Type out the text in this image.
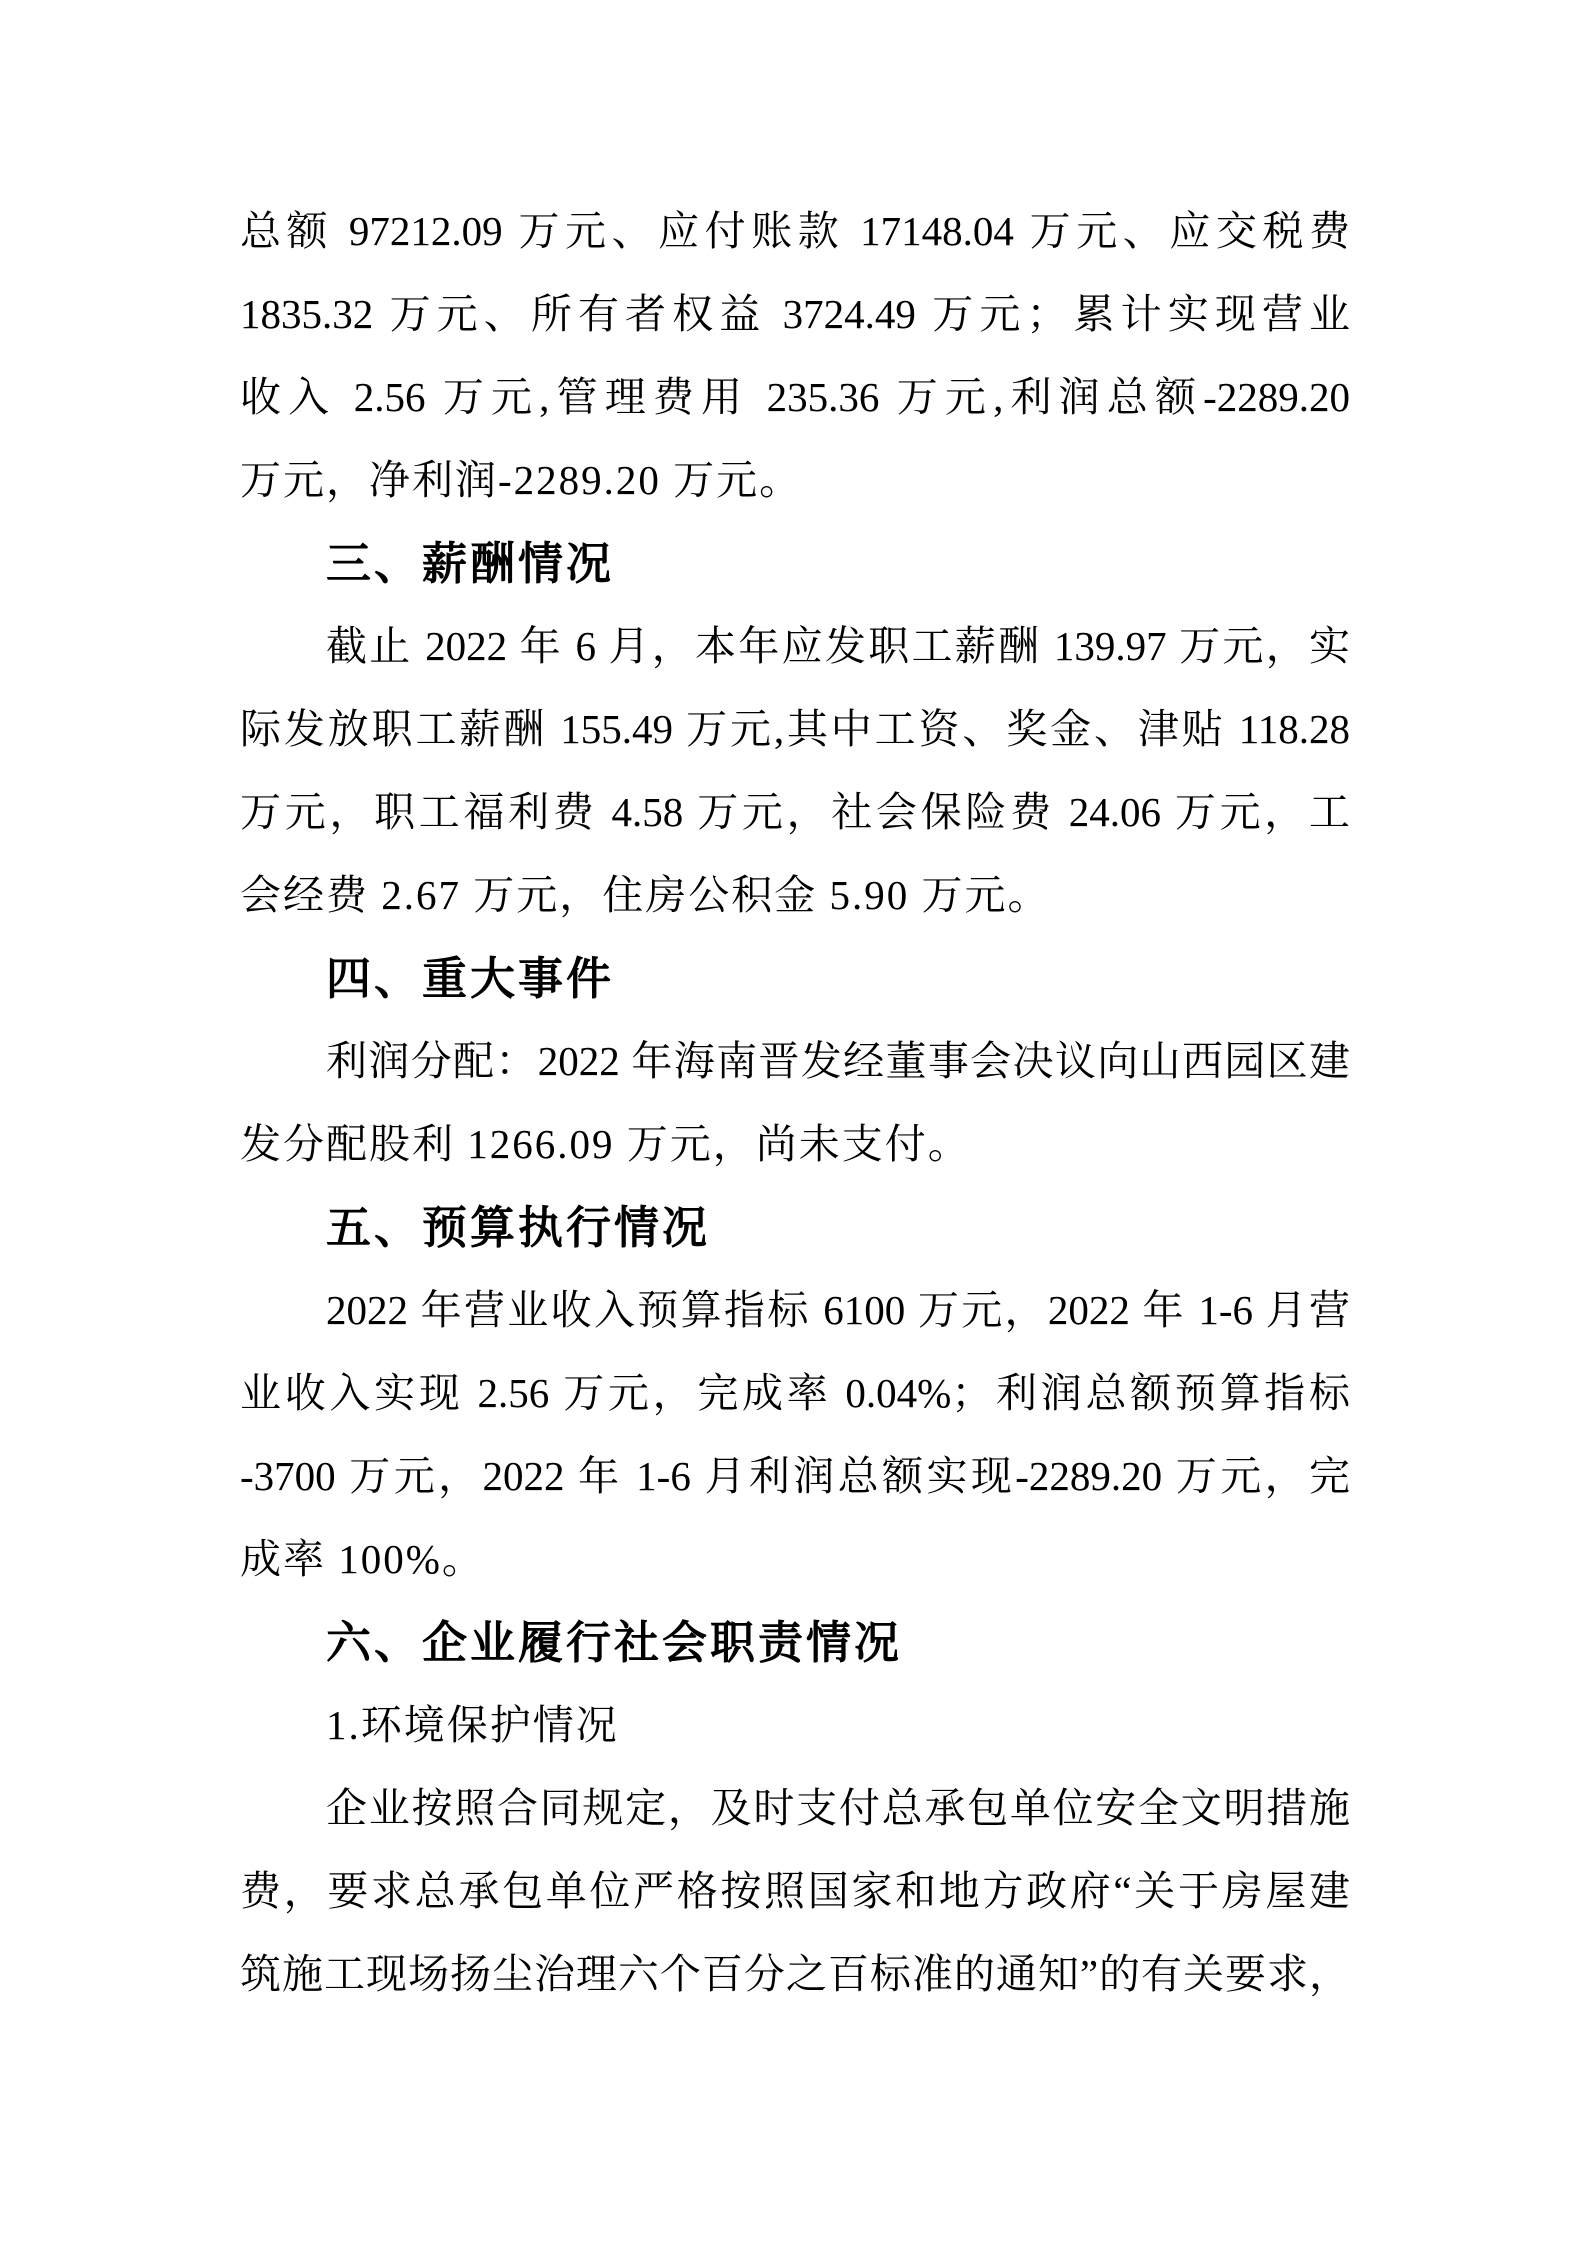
总额 97212.09 万元、应付账款 17148.04 万元、应交税费
1835.32 万元、所有者权益 3724.49 万元；累计实现营业
收入 2.56 万元,管理费用 235.36 万元,利润总额-2289.20
万元，净利润-2289.20 万元。
三、薪酬情况
截止 2022 年 6 月，本年应发职工薪酬 139.97 万元，实
际发放职工薪酬 155.49 万元,其中工资、奖金、津贴 118.28
万元，职工福利费 4.58 万元，社会保险费 24.06 万元，工
会经费 2.67 万元，住房公积金 5.90 万元。
四、重大事件
利润分配：2022 年海南晋发经董事会决议向山西园区建
发分配股利 1266.09 万元，尚未支付。
五、预算执行情况
2022 年营业收入预算指标 6100 万元，2022 年 1-6 月营
业收入实现 2.56 万元，完成率 0.04%；利润总额预算指标
-3700 万元，2022 年 1-6 月利润总额实现-2289.20 万元，完
成率 100%。
六、企业履行社会职责情况
1.环境保护情况
企业按照合同规定，及时支付总承包单位安全文明措施
费，要求总承包单位严格按照国家和地方政府“关于房屋建
筑施工现场扬尘治理六个百分之百标准的通知”的有关要求，
